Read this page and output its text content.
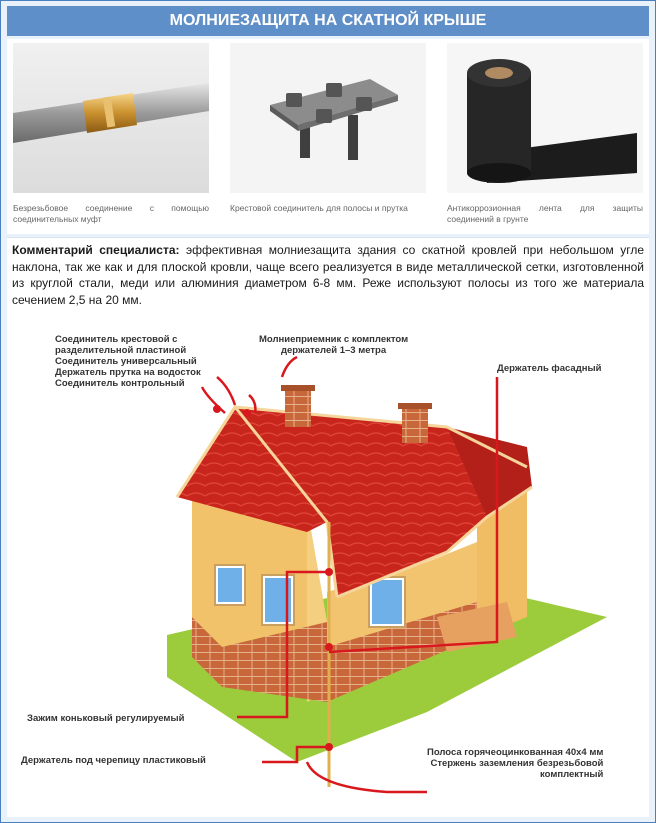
МОЛНИЕЗАЩИТА НА СКАТНОЙ КРЫШЕ
Безрезьбовое соединение с помощью соединительных муфт
Крестовой соединитель для полосы и прутка	Антикоррозионная лента для защиты соединений в грунте
Комментарий специалиста: эффективная молниезащита здания со скатной кровлей при небольшом угле наклона, так же как и для плоской кровли, чаще всего реализуется в виде металлической сетки, изготовленной из круглой стали, меди или алюминия диаметром 6-8 мм. Реже используют полосы из того же материала сечением 2,5 на 20 мм.
Соединитель крестовой с
разделительной пластиной
Соединитель универсальный
Держатель прутка на водосток
Соединитель контрольный
Молниеприемник с комплектом
держателей 1–3 метра
Держатель фасадный
Зажим коньковый регулируемый
Держатель под черепицу пластиковый
Полоса горячеоцинкованная 40х4 мм
Стержень заземления безрезьбовой
комплектный
